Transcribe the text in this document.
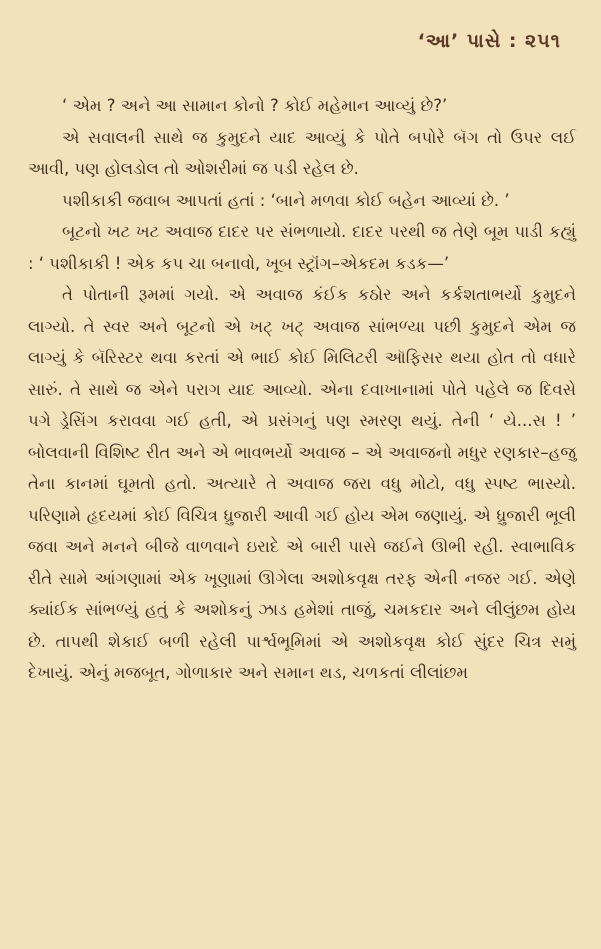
‘આ’ પાસે : ૨૫૧

‘ એમ ? અને આ સામાન કોનો ? કોઈ મહેમાન આવ્યું છે?’

એ સવાલની સાથે જ કુમુદને યાદ આવ્યું કે પોતે બપોરે બૅગ તો ઉપર લઈ આવી, પણ હોલડોલ તો ઓશરીમાં જ પડી રહેલ છે.

પશીકાકી જવાબ આપતાં હતાં : ‘બાને મળવા કોઈ બહેન આવ્યાં છે. ’

બૂટનો ખટ ખટ અવાજ દાદર પર સંભળાયો. દાદર પરથી જ તેણે બૂમ પાડી કહ્યું : ‘ પશીકાકી ! એક કપ ચા બનાવો, ખૂબ સ્ટ્રૉંગ–એકદમ કડક—’

તે પોતાની રૂમમાં ગયો. એ અવાજ કંઈક કઠોર અને કર્કશતાભર્યો કુમુદને લાગ્યો. તે સ્વર અને બૂટનો એ ખટ્ ખટ્ અવાજ સાંભળ્યા પછી કુમુદને એમ જ લાગ્યું કે બૅરિસ્ટર થવા કરતાં એ ભાઈ કોઈ મિલિટરી ઑફિસર થયા હોત તો વધારે સારું. તે સાથે જ એને પરાગ યાદ આવ્યો. એના દવાખાનામાં પોતે પહેલે જ દિવસે પગે ડ્રેસિંગ કરાવવા ગઈ હતી, એ પ્રસંગનું પણ સ્મરણ થયું. તેની ‘ યે...સ ! ’ બોલવાની વિશિષ્ટ રીત અને એ ભાવભર્યો અવાજ – એ અવાજનો મધુર રણકાર–હજુ તેના કાનમાં ઘૂમતો હતો. અત્યારે તે અવાજ જરા વધુ મોટો, વધુ સ્પષ્ટ ભાસ્યો. પરિણામે હૃદયમાં કોઈ વિચિત્ર ધ્રુજારી આવી ગઈ હોય એમ જણાયું. એ ધ્રુજારી ભૂલી જવા અને મનને બીજે વાળવાને ઇરાદે એ બારી પાસે જઈને ઊભી રહી. સ્વાભાવિક રીતે સામે આંગણામાં એક ખૂણામાં ઊગેલા અશોકવૃક્ષ તરફ એની નજર ગઈ. એણે ક્યાંઈક સાંભળ્યું હતું કે અશોકનું ઝાડ હમેશાં તાજું, ચમકદાર અને લીલુંછમ હોય છે. તાપથી શેકાઈ બળી રહેલી પાર્શ્વભૂમિમાં એ અશોકવૃક્ષ કોઈ સુંદર ચિત્ર સમું દેખાયું. એનું મજબૂત, ગોળાકાર અને સમાન થડ, ચળકતાં લીલાંછમ
